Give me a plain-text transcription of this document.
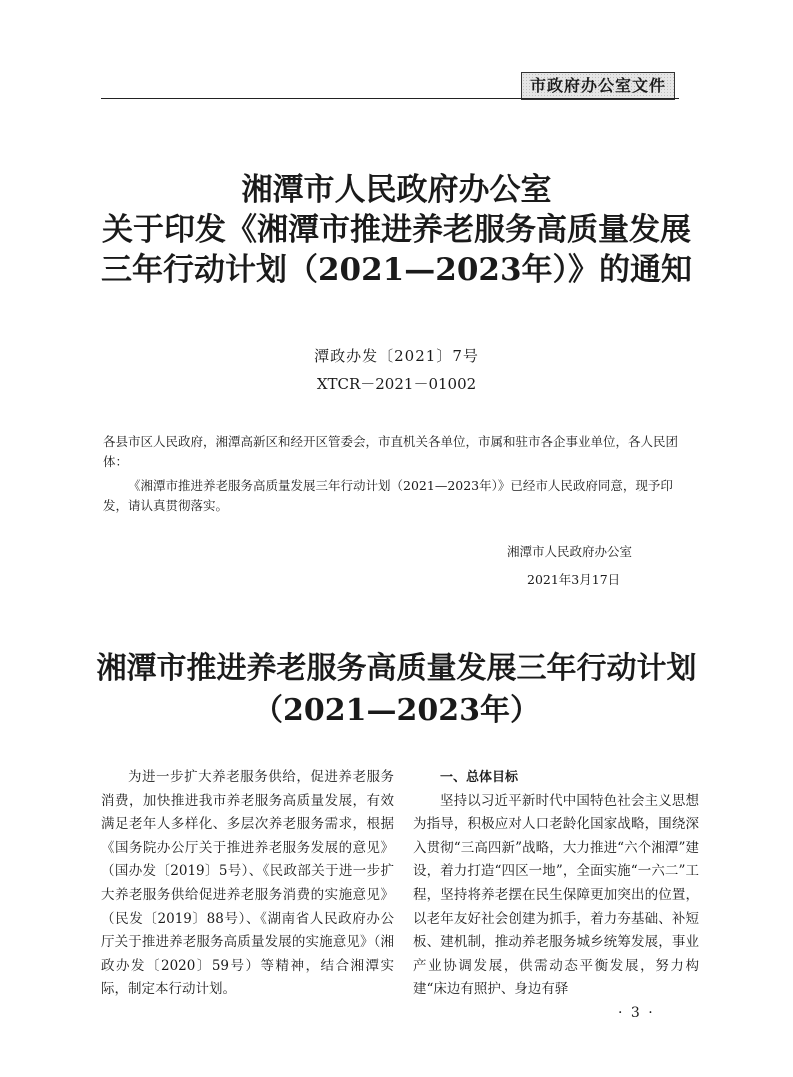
市政府办公室文件
湘潭市人民政府办公室
关于印发《湘潭市推进养老服务高质量发展
三年行动计划（2021—2023年）》的通知
潭政办发〔2021〕7号
XTCR－2021－01002
各县市区人民政府，湘潭高新区和经开区管委会，市直机关各单位，市属和驻市各企事业单位，各人民团体：
《湘潭市推进养老服务高质量发展三年行动计划（2021—2023年）》已经市人民政府同意，现予印发，请认真贯彻落实。
湘潭市人民政府办公室
2021年3月17日
湘潭市推进养老服务高质量发展三年行动计划
（2021—2023年）

为进一步扩大养老服务供给，促进养老服务消费，加快推进我市养老服务高质量发展，有效满足老年人多样化、多层次养老服务需求，根据《国务院办公厅关于推进养老服务发展的意见》（国办发〔2019〕5号）、《民政部关于进一步扩大养老服务供给促进养老服务消费的实施意见》（民发〔2019〕88号）、《湖南省人民政府办公厅关于推进养老服务高质量发展的实施意见》（湘政办发〔2020〕59号）等精神，结合湘潭实际，制定本行动计划。

一、总体目标

坚持以习近平新时代中国特色社会主义思想为指导，积极应对人口老龄化国家战略，围绕深入贯彻“三高四新”战略，大力推进“六个湘潭”建设，着力打造“四区一地”，全面实施“一六二”工程，坚持将养老摆在民生保障更加突出的位置，以老年友好社会创建为抓手，着力夯基础、补短板、建机制，推动养老服务城乡统筹发展，事业产业协调发展，供需动态平衡发展，努力构建“床边有照护、身边有驿

· 3 ·
